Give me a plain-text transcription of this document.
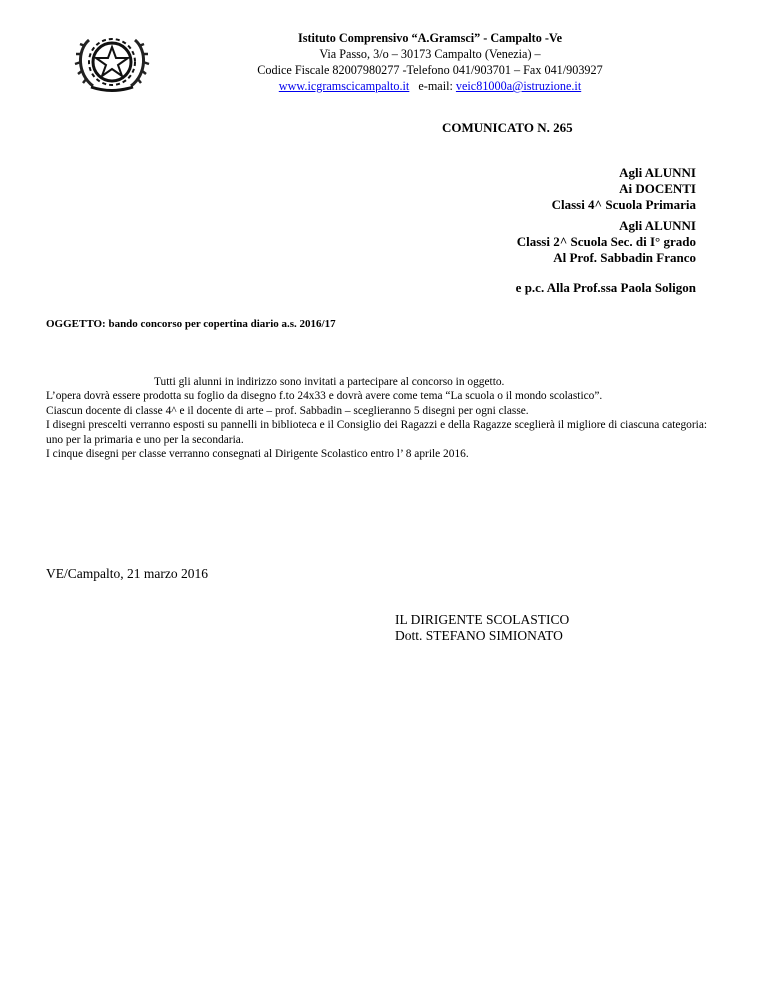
Istituto Comprensivo “A.Gramsci” - Campalto -Ve
Via Passo, 3/o – 30173 Campalto (Venezia) –
Codice Fiscale 82007980277 -Telefono 041/903701 – Fax 041/903927
www.icgramscicampalto.it e-mail: veic81000a@istruzione.it
COMUNICATO N. 265
Agli ALUNNI
Ai DOCENTI
Classi 4^ Scuola Primaria
Agli ALUNNI
Classi 2^ Scuola Sec. di I° grado
Al Prof. Sabbadin Franco
e p.c. Alla Prof.ssa Paola Soligon
OGGETTO: bando concorso per copertina diario a.s. 2016/17
Tutti gli alunni in indirizzo sono invitati a partecipare al concorso in oggetto.
L’opera dovrà essere prodotta su foglio da disegno f.to 24x33 e dovrà avere come tema “La scuola o il mondo scolastico”.
Ciascun docente di classe 4^ e il docente di arte – prof. Sabbadin – sceglieranno 5 disegni per ogni classe.
I disegni prescelti verranno esposti su pannelli in biblioteca e il Consiglio dei Ragazzi e della Ragazze sceglierà il migliore di ciascuna categoria: uno per la primaria e uno per la secondaria.
I cinque disegni per classe verranno consegnati al Dirigente Scolastico entro l’ 8 aprile 2016.
VE/Campalto, 21 marzo 2016
IL DIRIGENTE SCOLASTICO
Dott. STEFANO SIMIONATO
